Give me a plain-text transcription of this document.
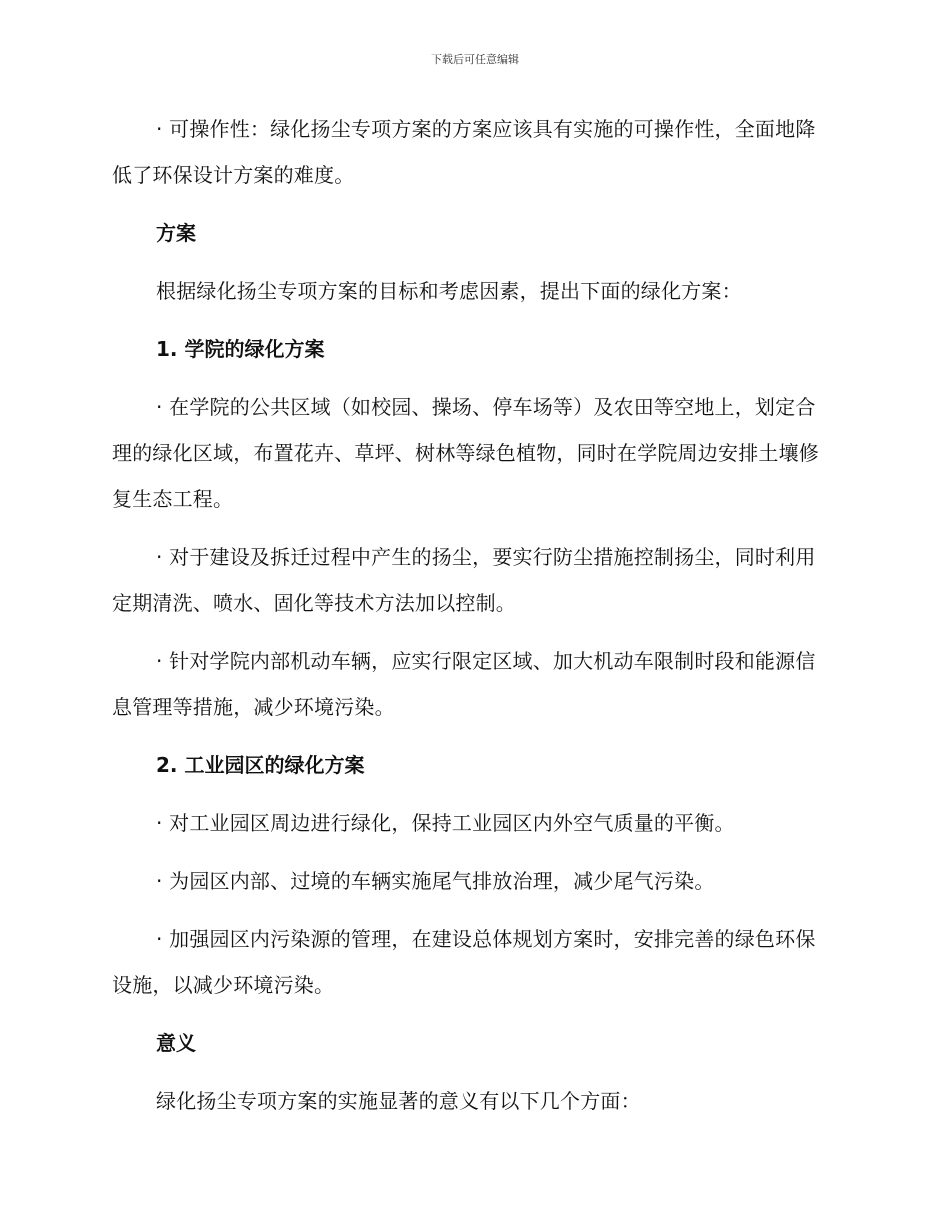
下载后可任意编辑

· 可操作性：绿化扬尘专项方案的方案应该具有实施的可操作性，全面地降低了环保设计方案的难度。

方案

根据绿化扬尘专项方案的目标和考虑因素，提出下面的绿化方案：

1. 学院的绿化方案

· 在学院的公共区域（如校园、操场、停车场等）及农田等空地上，划定合理的绿化区域，布置花卉、草坪、树林等绿色植物，同时在学院周边安排土壤修复生态工程。

· 对于建设及拆迁过程中产生的扬尘，要实行防尘措施控制扬尘，同时利用定期清洗、喷水、固化等技术方法加以控制。

· 针对学院内部机动车辆，应实行限定区域、加大机动车限制时段和能源信息管理等措施，减少环境污染。

2. 工业园区的绿化方案

· 对工业园区周边进行绿化，保持工业园区内外空气质量的平衡。

· 为园区内部、过境的车辆实施尾气排放治理，减少尾气污染。

· 加强园区内污染源的管理，在建设总体规划方案时，安排完善的绿色环保设施，以减少环境污染。

意义

绿化扬尘专项方案的实施显著的意义有以下几个方面：
